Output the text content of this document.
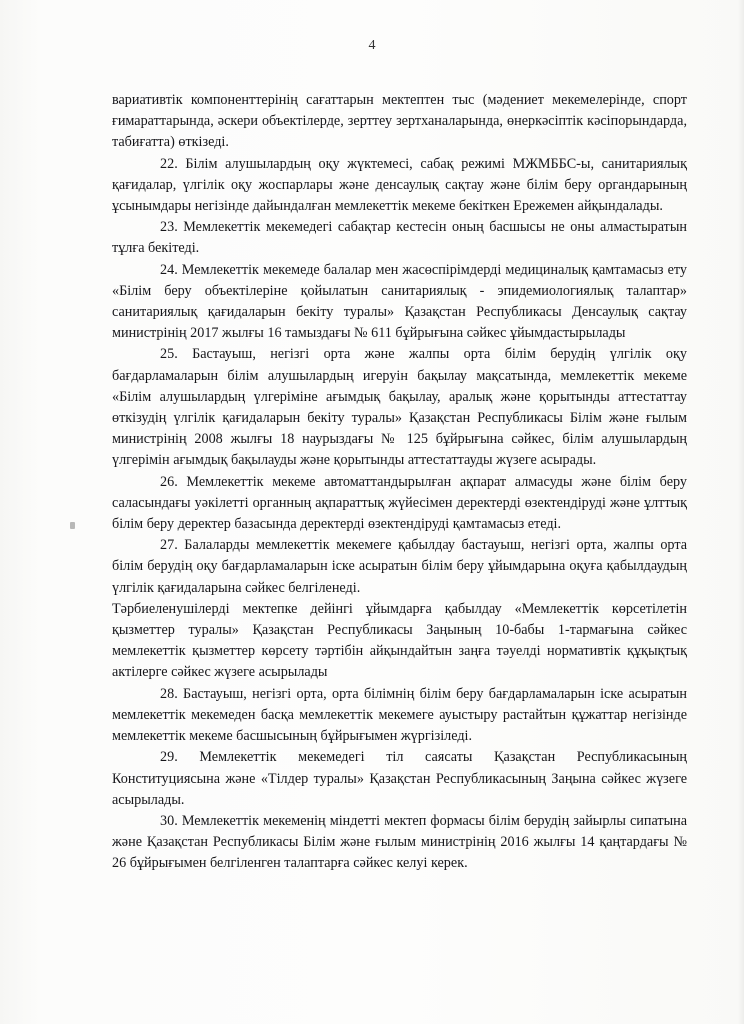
4

вариативтік компоненттерінің сағаттарын мектептен тыс (мәдениет мекемелерінде, спорт ғимараттарында, әскери объектілерде, зерттеу зертханаларында, өнеркәсіптік кәсіпорындарда, табиғатта) өткізеді.

22. Білім алушылардың оқу жүктемесі, сабақ режимі МЖМББС-ы, санитариялық қағидалар, үлгілік оқу жоспарлары және денсаулық сақтау және білім беру органдарының ұсынымдары негізінде дайындалған мемлекеттік мекеме бекіткен Ережемен айқындалады.

23. Мемлекеттік мекемедегі сабақтар кестесін оның басшысы не оны алмастыратын тұлға бекітеді.

24. Мемлекеттік мекемеде балалар мен жасөспірімдерді медициналық қамтамасыз ету «Білім беру объектілеріне қойылатын санитариялық - эпидемиологиялық талаптар» санитариялық қағидаларын бекіту туралы» Қазақстан Республикасы Денсаулық сақтау министрінің 2017 жылғы 16 тамыздағы № 611 бұйрығына сәйкес ұйымдастырылады

25. Бастауыш, негізгі орта және жалпы орта білім берудің үлгілік оқу бағдарламаларын білім алушылардың игеруін бақылау мақсатында, мемлекеттік мекеме «Білім алушылардың үлгеріміне ағымдық бақылау, аралық және қорытынды аттестаттау өткізудің үлгілік қағидаларын бекіту туралы» Қазақстан Республикасы Білім және ғылым министрінің 2008 жылғы 18 наурыздағы № 125 бұйрығына сәйкес, білім алушылардың үлгерімін ағымдық бақылауды және қорытынды аттестаттауды жүзеге асырады.

26. Мемлекеттік мекеме автоматтандырылған ақпарат алмасуды және білім беру саласындағы уәкілетті органның ақпараттық жүйесімен деректерді өзектендіруді және ұлттық білім беру деректер базасында деректерді өзектендіруді қамтамасыз етеді.

27. Балаларды мемлекеттік мекемеге қабылдау бастауыш, негізгі орта, жалпы орта білім берудің оқу бағдарламаларын іске асыратын білім беру ұйымдарына оқуға қабылдаудың үлгілік қағидаларына сәйкес белгіленеді.

Тәрбиеленушілерді мектепке дейінгі ұйымдарға қабылдау «Мемлекеттік көрсетілетін қызметтер туралы» Қазақстан Республикасы Заңының 10-бабы 1-тармағына сәйкес мемлекеттік қызметтер көрсету тәртібін айқындайтын заңға тәуелді нормативтік құқықтық актілерге сәйкес жүзеге асырылады

28. Бастауыш, негізгі орта, орта білімнің білім беру бағдарламаларын іске асыратын мемлекеттік мекемеден басқа мемлекеттік мекемеге ауыстыру растайтын құжаттар негізінде мемлекеттік мекеме басшысының бұйрығымен жүргізіледі.

29. Мемлекеттік мекемедегі тіл саясаты Қазақстан Республикасының Конституциясына және «Тілдер туралы» Қазақстан Республикасының Заңына сәйкес жүзеге асырылады.

30. Мемлекеттік мекеменің міндетті мектеп формасы білім берудің зайырлы сипатына және Қазақстан Республикасы Білім және ғылым министрінің 2016 жылғы 14 қаңтардағы № 26 бұйрығымен белгіленген талаптарға сәйкес келуі керек.
